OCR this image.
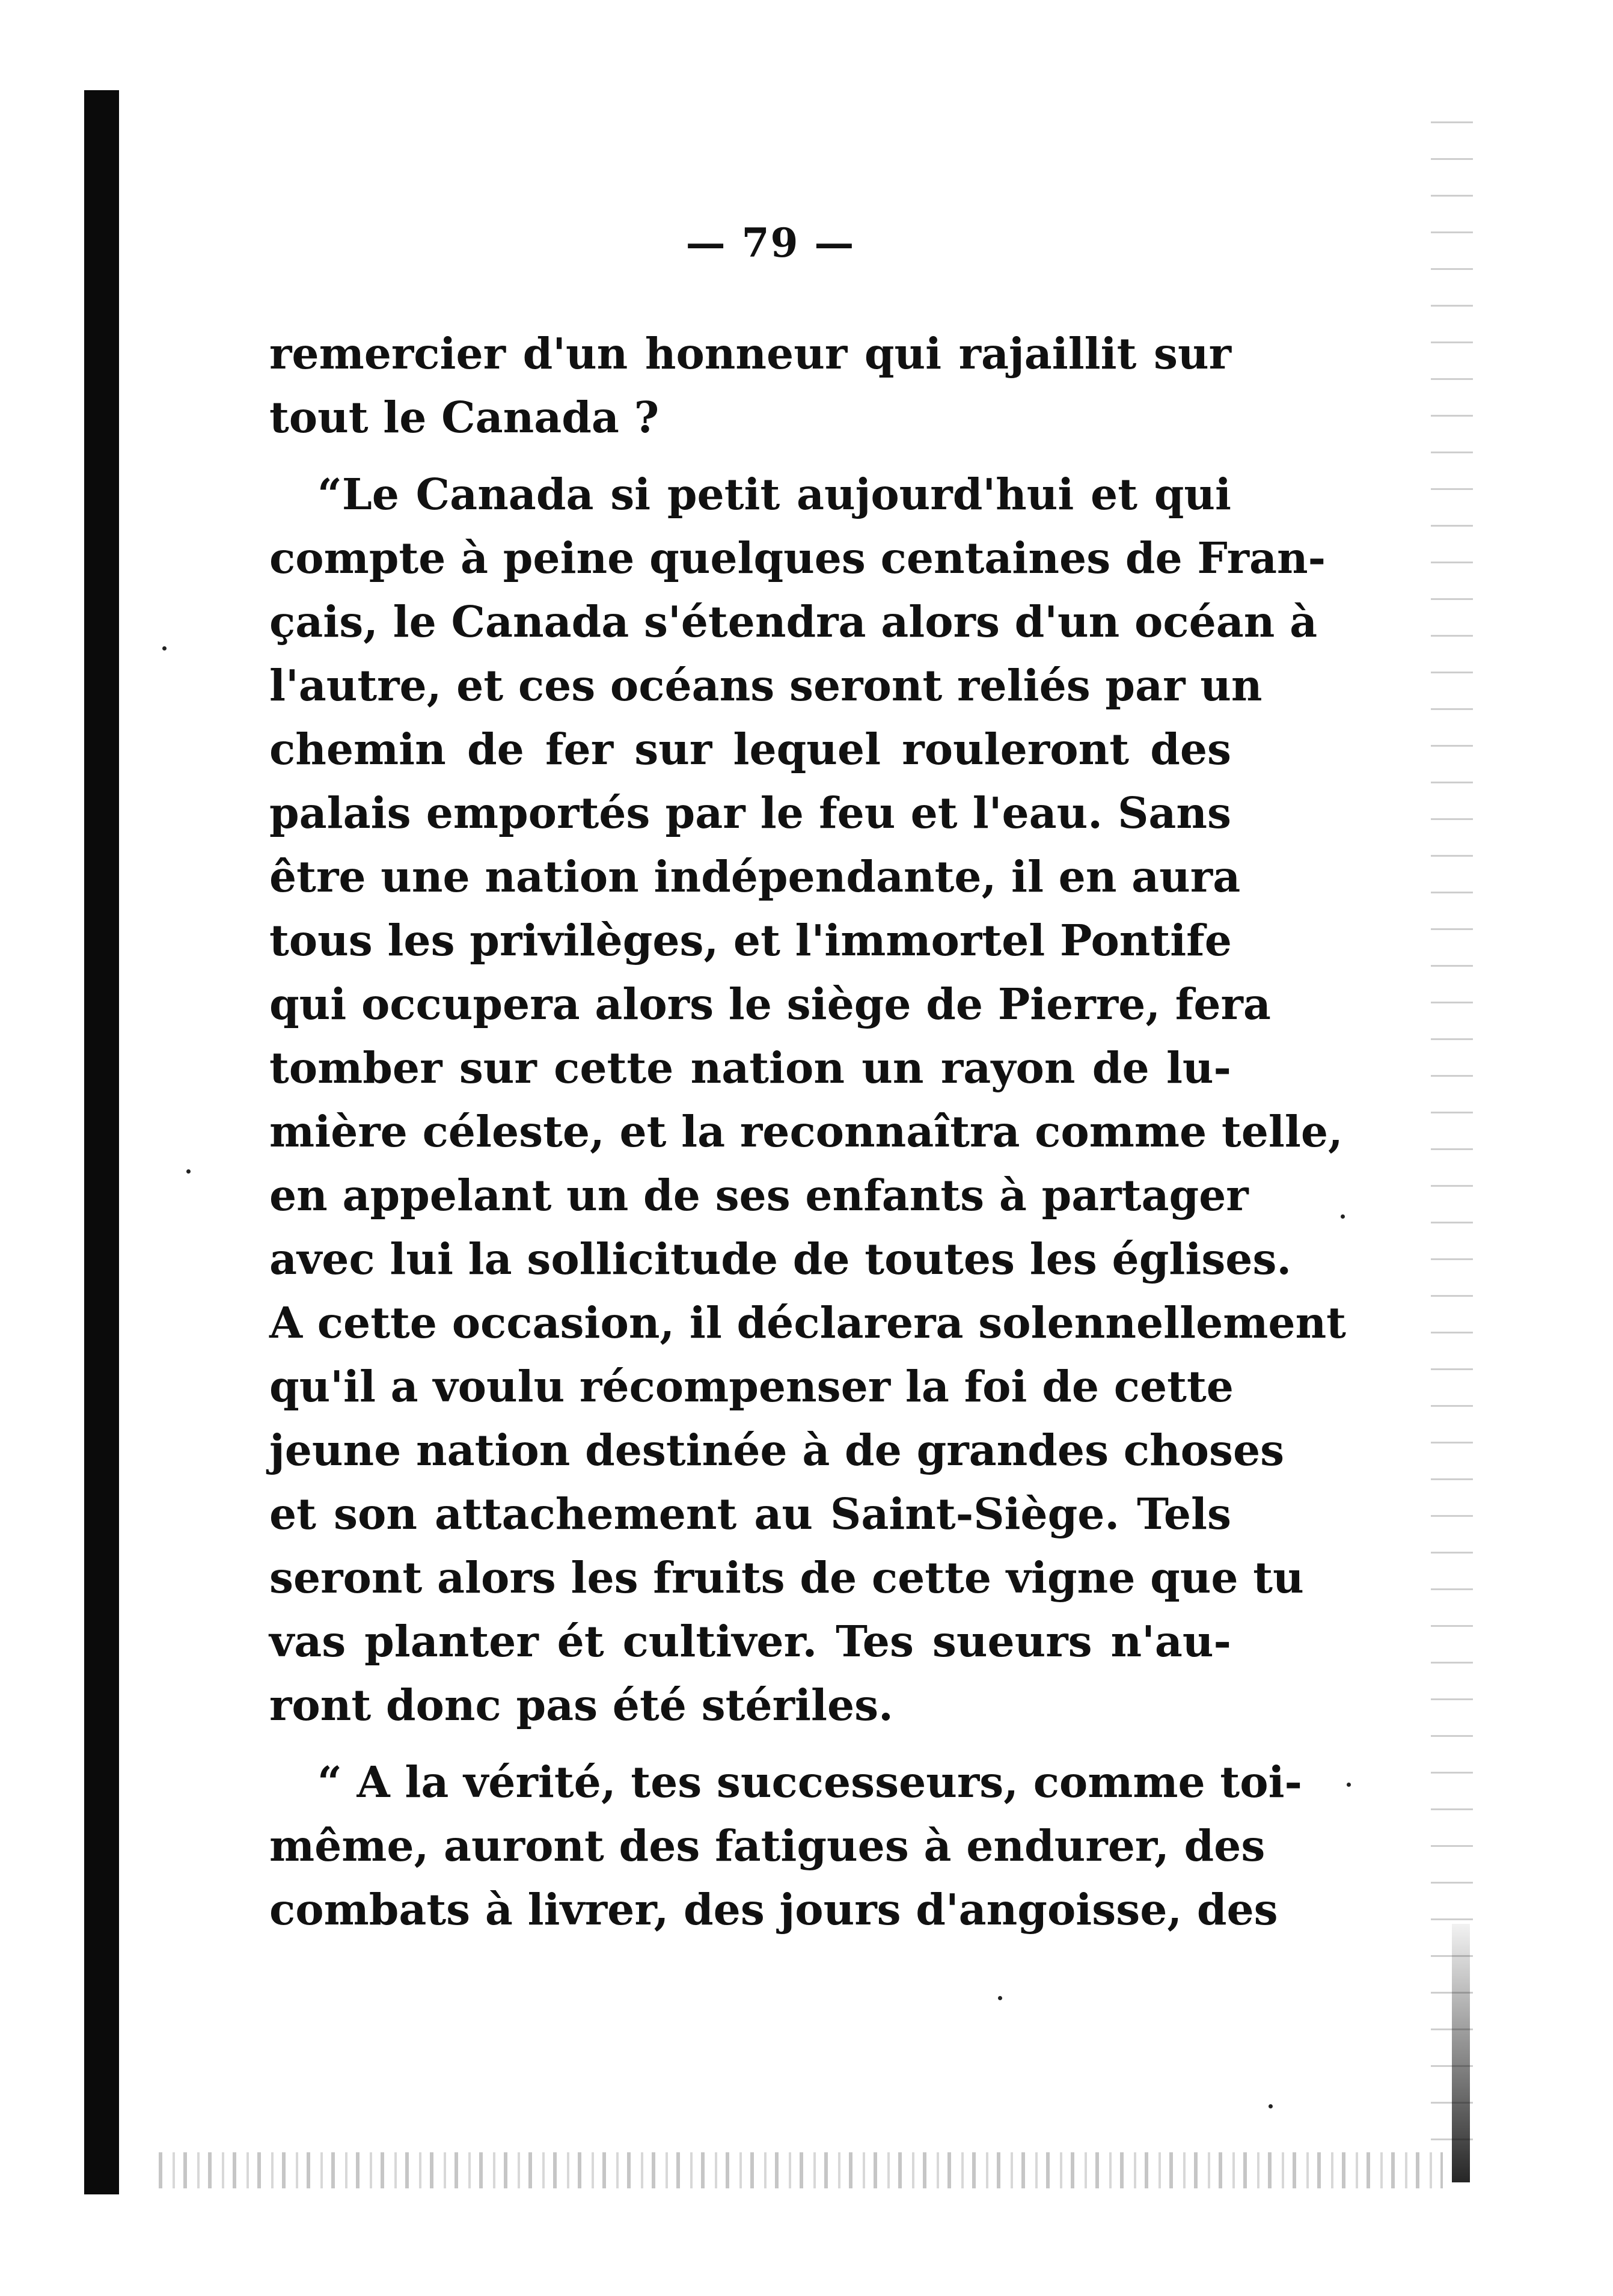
— 79 —

remercier d'un honneur qui rajaillit sur
tout le Canada ?

“Le Canada si petit aujourd'hui et qui
compte à peine quelques centaines de Fran-
çais, le Canada s'étendra alors d'un océan à
l'autre, et ces océans seront reliés par un
chemin de fer sur lequel rouleront des
palais emportés par le feu et l'eau. Sans
être une nation indépendante, il en aura
tous les privilèges, et l'immortel Pontife
qui occupera alors le siège de Pierre, fera
tomber sur cette nation un rayon de lu-
mière céleste, et la reconnaîtra comme telle,
en appelant un de ses enfants à partager
avec lui la sollicitude de toutes les églises.
A cette occasion, il déclarera solennellement
qu'il a voulu récompenser la foi de cette
jeune nation destinée à de grandes choses
et son attachement au Saint-Siège. Tels
seront alors les fruits de cette vigne que tu
vas planter ét cultiver. Tes sueurs n'au-
ront donc pas été stériles.

“ A la vérité, tes successeurs, comme toi-
même, auront des fatigues à endurer, des
combats à livrer, des jours d'angoisse, des
